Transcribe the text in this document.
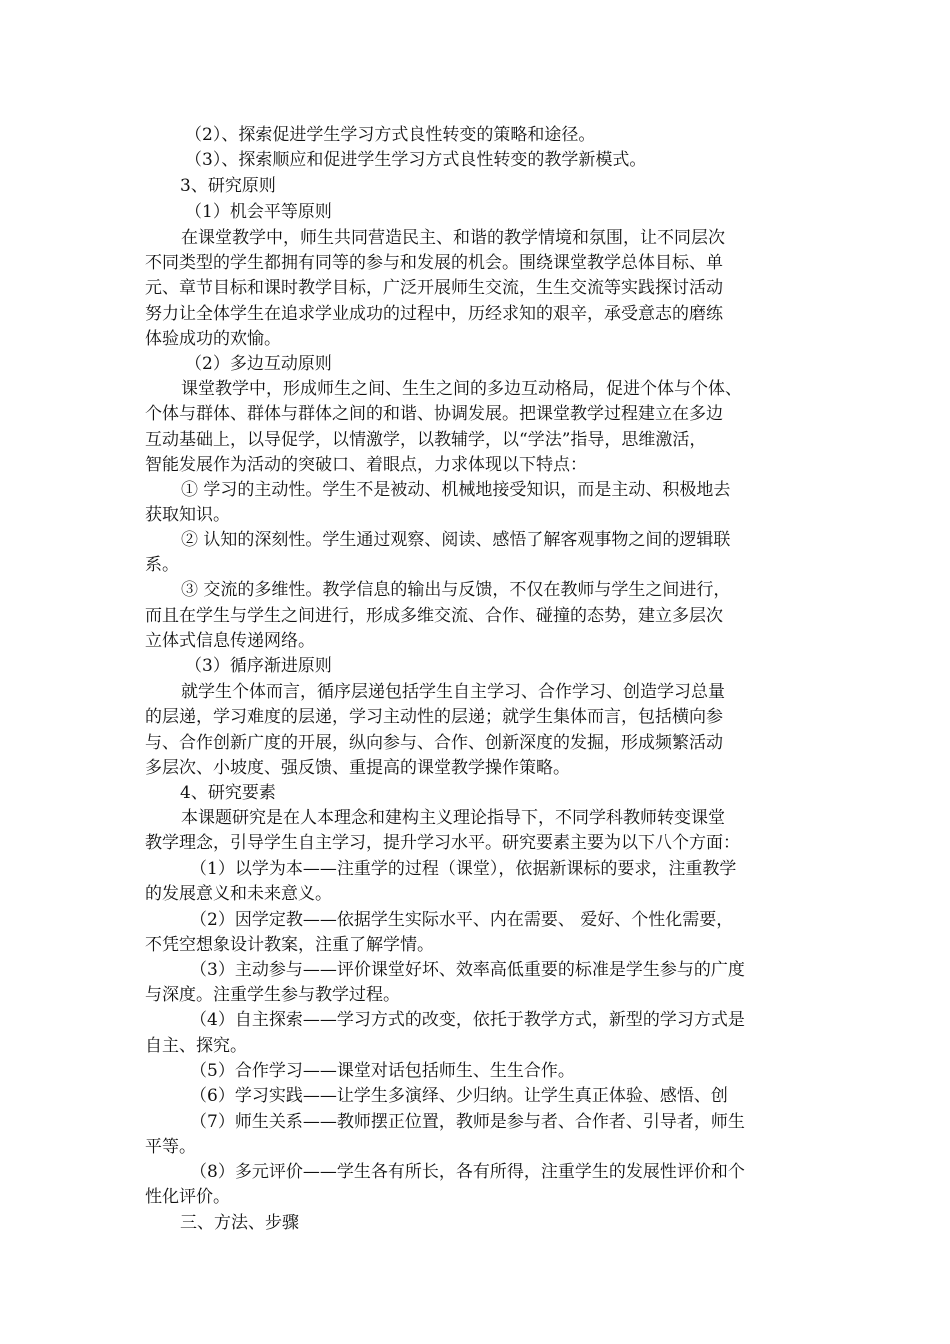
（2）、探索促进学生学习方式良性转变的策略和途径。
（3）、探索顺应和促进学生学习方式良性转变的教学新模式。
3、研究原则
（1）机会平等原则
在课堂教学中，师生共同营造民主、和谐的教学情境和氛围，让不同层次
不同类型的学生都拥有同等的参与和发展的机会。围绕课堂教学总体目标、单
元、章节目标和课时教学目标，广泛开展师生交流，生生交流等实践探讨活动
努力让全体学生在追求学业成功的过程中，历经求知的艰辛，承受意志的磨练
体验成功的欢愉。
（2）多边互动原则
课堂教学中，形成师生之间、生生之间的多边互动格局，促进个体与个体、
个体与群体、群体与群体之间的和谐、协调发展。把课堂教学过程建立在多边
互动基础上，以导促学，以情激学，以教辅学，以“学法”指导，思维激活，
智能发展作为活动的突破口、着眼点，力求体现以下特点：
① 学习的主动性。学生不是被动、机械地接受知识，而是主动、积极地去
获取知识。
② 认知的深刻性。学生通过观察、阅读、感悟了解客观事物之间的逻辑联
系。
③ 交流的多维性。教学信息的输出与反馈，不仅在教师与学生之间进行，
而且在学生与学生之间进行，形成多维交流、合作、碰撞的态势，建立多层次
立体式信息传递网络。
（3）循序渐进原则
就学生个体而言，循序层递包括学生自主学习、合作学习、创造学习总量
的层递，学习难度的层递，学习主动性的层递；就学生集体而言，包括横向参
与、合作创新广度的开展，纵向参与、合作、创新深度的发掘，形成频繁活动
多层次、小坡度、强反馈、重提高的课堂教学操作策略。
4、研究要素
本课题研究是在人本理念和建构主义理论指导下，不同学科教师转变课堂
教学理念，引导学生自主学习，提升学习水平。研究要素主要为以下八个方面：
（1）以学为本——注重学的过程（课堂），依据新课标的要求，注重教学
的发展意义和未来意义。
（2）因学定教——依据学生实际水平、内在需要、 爱好、个性化需要，
不凭空想象设计教案，注重了解学情。
（3）主动参与——评价课堂好坏、效率高低重要的标准是学生参与的广度
与深度。注重学生参与教学过程。
（4）自主探索——学习方式的改变，依托于教学方式，新型的学习方式是
自主、探究。
（5）合作学习——课堂对话包括师生、生生合作。
（6）学习实践——让学生多演绎、少归纳。让学生真正体验、感悟、创
（7）师生关系——教师摆正位置，教师是参与者、合作者、引导者，师生
平等。
（8）多元评价——学生各有所长，各有所得，注重学生的发展性评价和个
性化评价。
三、方法、步骤
